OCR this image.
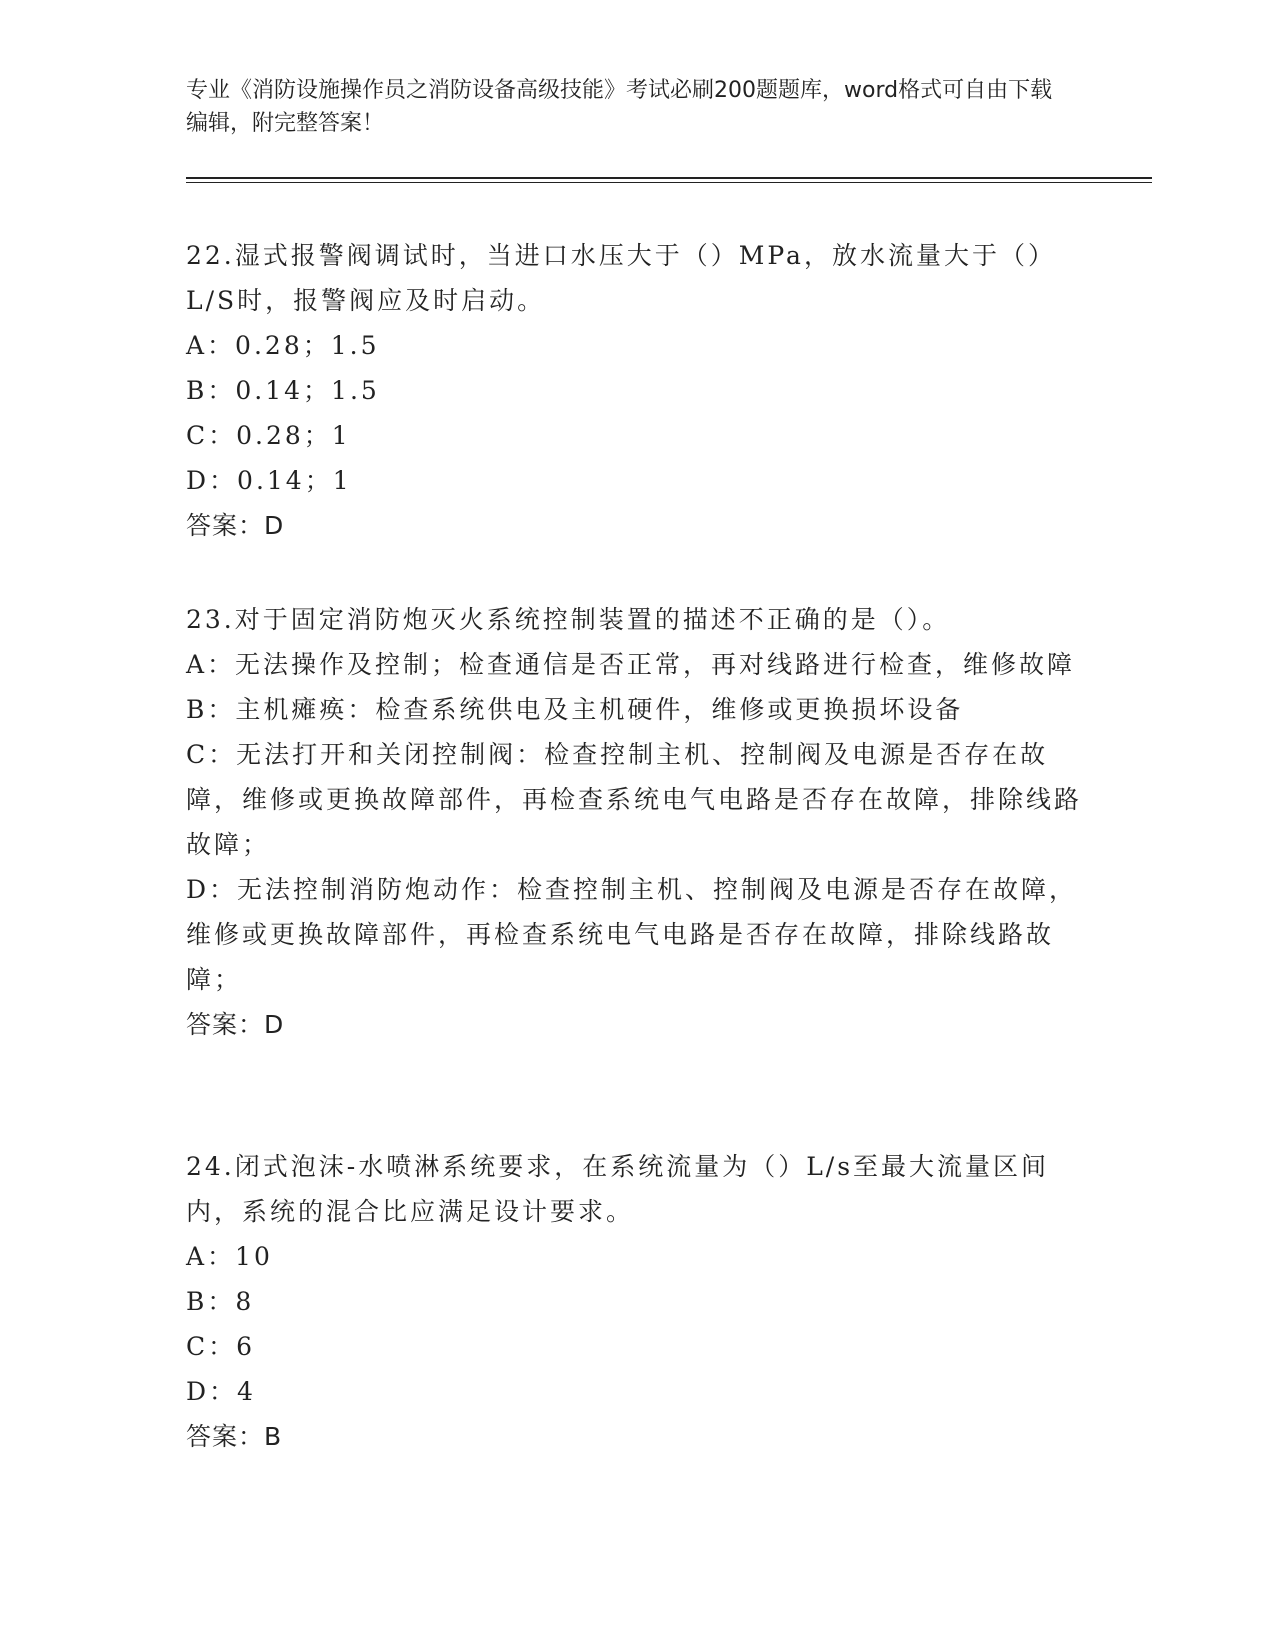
专业《消防设施操作员之消防设备高级技能》考试必刷200题题库，word格式可自由下载编辑，附完整答案！

22.湿式报警阀调试时，当进口水压大于（）MPa，放水流量大于（）L/S时，报警阀应及时启动。

A：0.28；1.5

B：0.14；1.5

C：0.28；1

D：0.14；1

答案：D

23.对于固定消防炮灭火系统控制装置的描述不正确的是（）。

A：无法操作及控制；检查通信是否正常，再对线路进行检查，维修故障

B：主机瘫痪：检查系统供电及主机硬件，维修或更换损坏设备

C：无法打开和关闭控制阀：检查控制主机、控制阀及电源是否存在故障，维修或更换故障部件，再检查系统电气电路是否存在故障，排除线路故障；

D：无法控制消防炮动作：检查控制主机、控制阀及电源是否存在故障，维修或更换故障部件，再检查系统电气电路是否存在故障，排除线路故障；

答案：D

24.闭式泡沫-水喷淋系统要求，在系统流量为（）L/s至最大流量区间内，系统的混合比应满足设计要求。

A：10

B：8

C：6

D：4

答案：B
